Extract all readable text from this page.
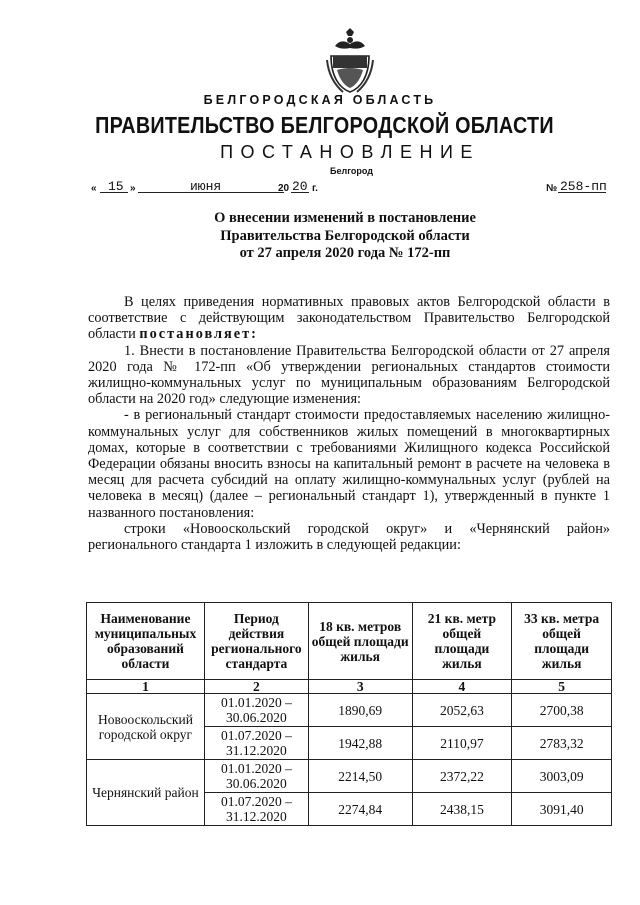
БЕЛГОРОДСКАЯ ОБЛАСТЬ
ПРАВИТЕЛЬСТВО БЕЛГОРОДСКОЙ ОБЛАСТИ
ПОСТАНОВЛЕНИЕ
Белгород
« 15 »	июня	20 20 г.	№ 258-пп
О внесении изменений в постановление
Правительства Белгородской области
от 27 апреля 2020 года № 172-пп

В целях приведения нормативных правовых актов Белгородской области в соответствие с действующим законодательством Правительство Белгородской области постановляет:

1. Внести в постановление Правительства Белгородской области от 27 апреля 2020 года № 172-пп «Об утверждении региональных стандартов стоимости жилищно-коммунальных услуг по муниципальным образованиям Белгородской области на 2020 год» следующие изменения:

- в региональный стандарт стоимости предоставляемых населению жилищно-коммунальных услуг для собственников жилых помещений в многоквартирных домах, которые в соответствии с требованиями Жилищного кодекса Российской Федерации обязаны вносить взносы на капитальный ремонт в расчете на человека в месяц для расчета субсидий на оплату жилищно-коммунальных услуг (рублей на человека в месяц) (далее – региональный стандарт 1), утвержденный в пункте 1 названного постановления:

строки «Новооскольский городской округ» и «Чернянский район» регионального стандарта 1 изложить в следующей редакции:

Наименование муниципальных образований области	Период действия регионального стандарта	18 кв. метров общей площади жилья	21 кв. метр общей площади жилья	33 кв. метра общей площади жилья
1	2	3	4	5
Новооскольский городской округ	01.01.2020 – 30.06.2020	1890,69	2052,63	2700,38
	01.07.2020 – 31.12.2020	1942,88	2110,97	2783,32
Чернянский район	01.01.2020 – 30.06.2020	2214,50	2372,22	3003,09
	01.07.2020 – 31.12.2020	2274,84	2438,15	3091,40
